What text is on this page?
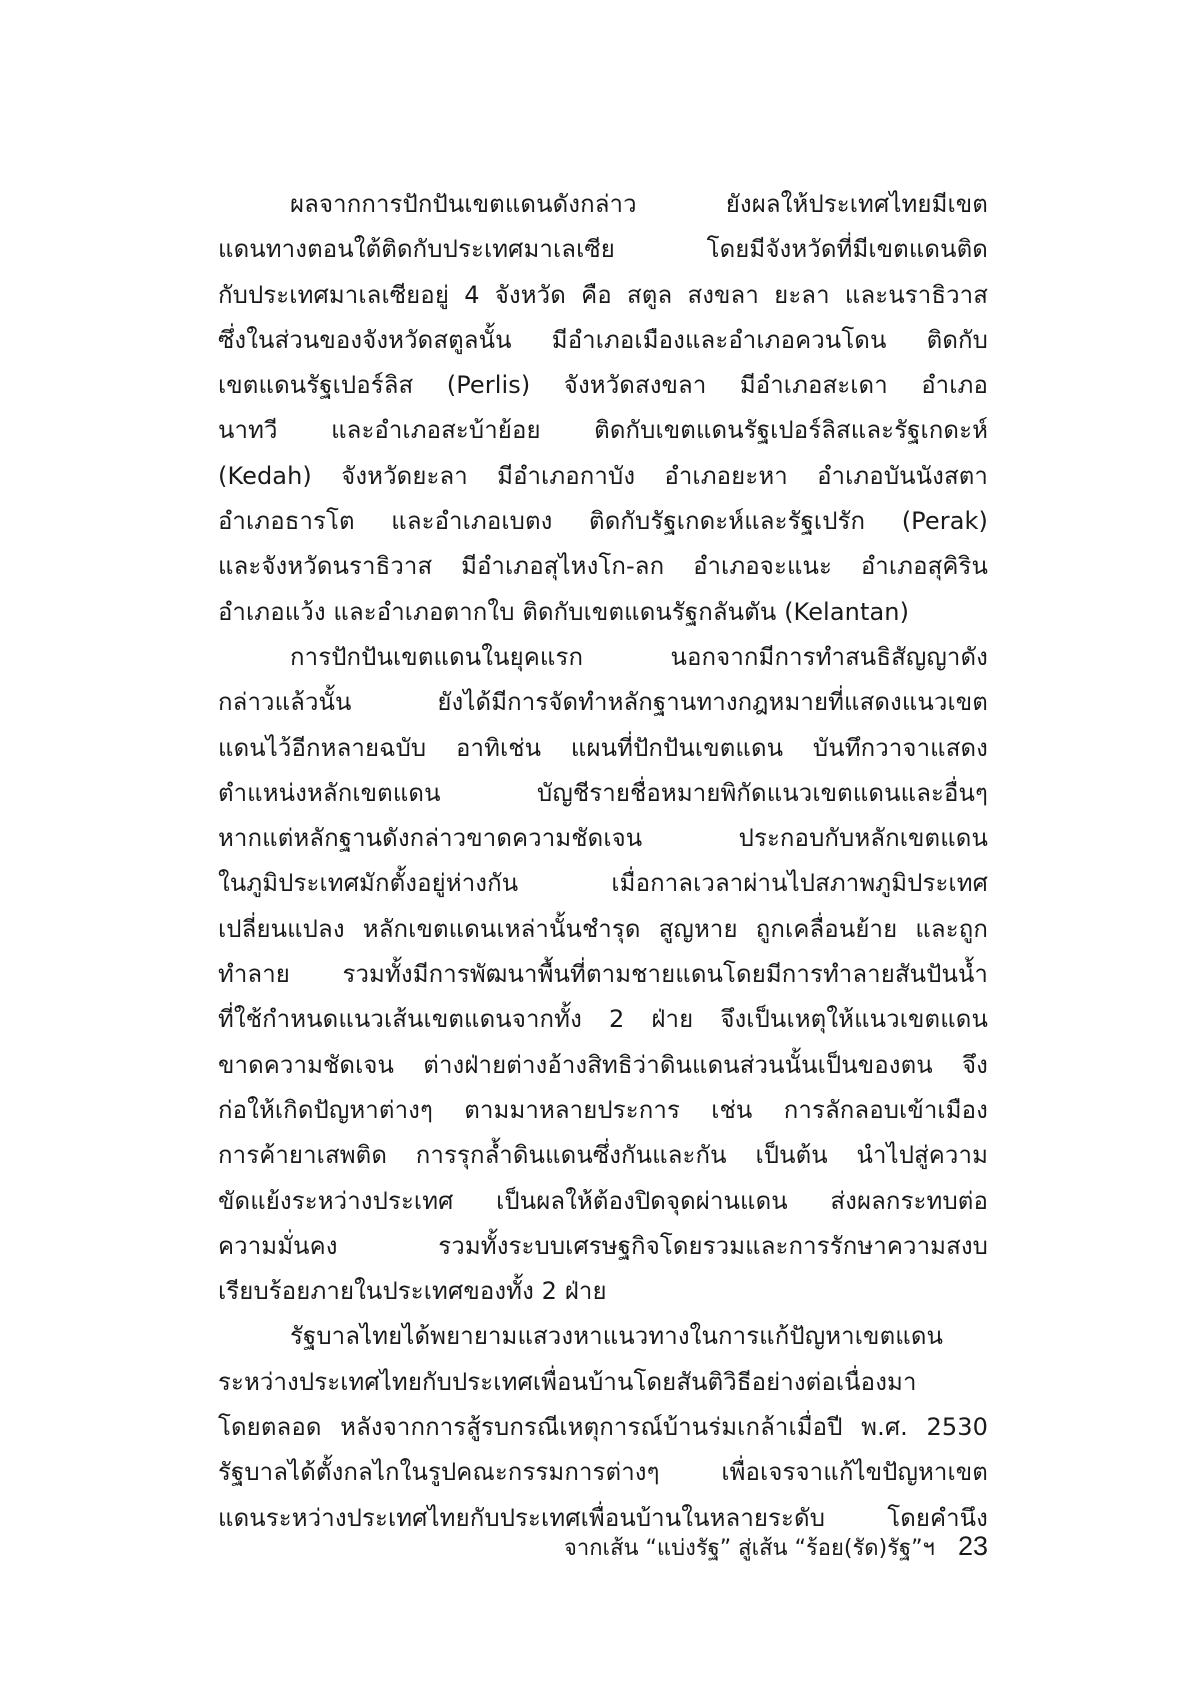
ผลจากการปักปันเขตแดนดังกล่าว ยังผลให้ประเทศไทยมีเขต
แดนทางตอนใต้ติดกับประเทศมาเลเซีย โดยมีจังหวัดที่มีเขตแดนติด
กับประเทศมาเลเซียอยู่ 4 จังหวัด คือ สตูล สงขลา ยะลา และนราธิวาส
ซึ่งในส่วนของจังหวัดสตูลนั้น มีอำเภอเมืองและอำเภอควนโดน ติดกับ
เขตแดนรัฐเปอร์ลิส (Perlis) จังหวัดสงขลา มีอำเภอสะเดา อำเภอ
นาทวี และอำเภอสะบ้าย้อย ติดกับเขตแดนรัฐเปอร์ลิสและรัฐเกดะห์
(Kedah) จังหวัดยะลา มีอำเภอกาบัง อำเภอยะหา อำเภอบันนังสตา
อำเภอธารโต และอำเภอเบตง ติดกับรัฐเกดะห์และรัฐเปรัก (Perak)
และจังหวัดนราธิวาส มีอำเภอสุไหงโก-ลก อำเภอจะแนะ อำเภอสุคิริน
อำเภอแว้ง และอำเภอตากใบ ติดกับเขตแดนรัฐกลันตัน (Kelantan)
การปักปันเขตแดนในยุคแรก นอกจากมีการทำสนธิสัญญาดัง
กล่าวแล้วนั้น ยังได้มีการจัดทำหลักฐานทางกฎหมายที่แสดงแนวเขต
แดนไว้อีกหลายฉบับ อาทิเช่น แผนที่ปักปันเขตแดน บันทึกวาจาแสดง
ตำแหน่งหลักเขตแดน บัญชีรายชื่อหมายพิกัดแนวเขตแดนและอื่นๆ
หากแต่หลักฐานดังกล่าวขาดความชัดเจน ประกอบกับหลักเขตแดน
ในภูมิประเทศมักตั้งอยู่ห่างกัน เมื่อกาลเวลาผ่านไปสภาพภูมิประเทศ
เปลี่ยนแปลง หลักเขตแดนเหล่านั้นชำรุด สูญหาย ถูกเคลื่อนย้าย และถูก
ทำลาย รวมทั้งมีการพัฒนาพื้นที่ตามชายแดนโดยมีการทำลายสันปันน้ำ
ที่ใช้กำหนดแนวเส้นเขตแดนจากทั้ง 2 ฝ่าย จึงเป็นเหตุให้แนวเขตแดน
ขาดความชัดเจน ต่างฝ่ายต่างอ้างสิทธิว่าดินแดนส่วนนั้นเป็นของตน จึง
ก่อให้เกิดปัญหาต่างๆ ตามมาหลายประการ เช่น การลักลอบเข้าเมือง
การค้ายาเสพติด การรุกล้ำดินแดนซึ่งกันและกัน เป็นต้น นำไปสู่ความ
ขัดแย้งระหว่างประเทศ เป็นผลให้ต้องปิดจุดผ่านแดน ส่งผลกระทบต่อ
ความมั่นคง รวมทั้งระบบเศรษฐกิจโดยรวมและการรักษาความสงบ
เรียบร้อยภายในประเทศของทั้ง 2 ฝ่าย
รัฐบาลไทยได้พยายามแสวงหาแนวทางในการแก้ปัญหาเขตแดน
ระหว่างประเทศไทยกับประเทศเพื่อนบ้านโดยสันติวิธีอย่างต่อเนื่องมา
โดยตลอด หลังจากการสู้รบกรณีเหตุการณ์บ้านร่มเกล้าเมื่อปี พ.ศ. 2530
รัฐบาลได้ตั้งกลไกในรูปคณะกรรมการต่างๆ เพื่อเจรจาแก้ไขปัญหาเขต
แดนระหว่างประเทศไทยกับประเทศเพื่อนบ้านในหลายระดับ โดยคำนึง
จากเส้น “แบ่งรัฐ” สู่เส้น “ร้อย(รัด)รัฐ”ฯ 23
